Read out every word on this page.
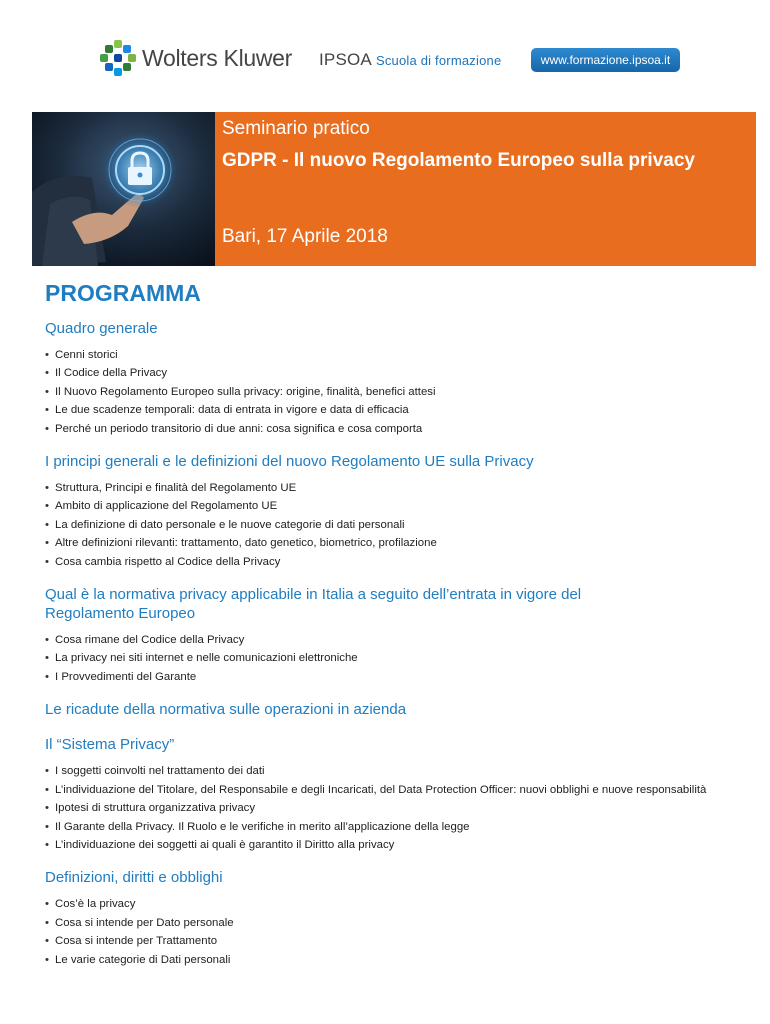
Wolters Kluwer IPSOA Scuola di formazione	www.formazione.ipsoa.it
Seminario pratico
GDPR - Il nuovo Regolamento Europeo sulla privacy
Bari, 17 Aprile 2018
PROGRAMMA
Quadro generale
• Cenni storici
• Il Codice della Privacy
• Il Nuovo Regolamento Europeo sulla privacy: origine, finalità, benefici attesi
• Le due scadenze temporali: data di entrata in vigore e data di efficacia
• Perché un periodo transitorio di due anni: cosa significa e cosa comporta
I principi generali e le definizioni del nuovo Regolamento UE sulla Privacy
• Struttura, Principi e finalità del Regolamento UE
• Ambito di applicazione del Regolamento UE
• La definizione di dato personale e le nuove categorie di dati personali
• Altre definizioni rilevanti: trattamento, dato genetico, biometrico, profilazione
• Cosa cambia rispetto al Codice della Privacy
Qual è la normativa privacy applicabile in Italia a seguito dell’entrata in vigore del Regolamento Europeo
• Cosa rimane del Codice della Privacy
• La privacy nei siti internet e nelle comunicazioni elettroniche
• I Provvedimenti del Garante
Le ricadute della normativa sulle operazioni in azienda
Il “Sistema Privacy”
• I soggetti coinvolti nel trattamento dei dati
• L’individuazione del Titolare, del Responsabile e degli Incaricati, del Data Protection Officer: nuovi obblighi e nuove responsabilità
• Ipotesi di struttura organizzativa privacy
• Il Garante della Privacy. Il Ruolo e le verifiche in merito all’applicazione della legge
• L’individuazione dei soggetti ai quali è garantito il Diritto alla privacy
Definizioni, diritti e obblighi
• Cos’è la privacy
• Cosa si intende per Dato personale
• Cosa si intende per Trattamento
• Le varie categorie di Dati personali
